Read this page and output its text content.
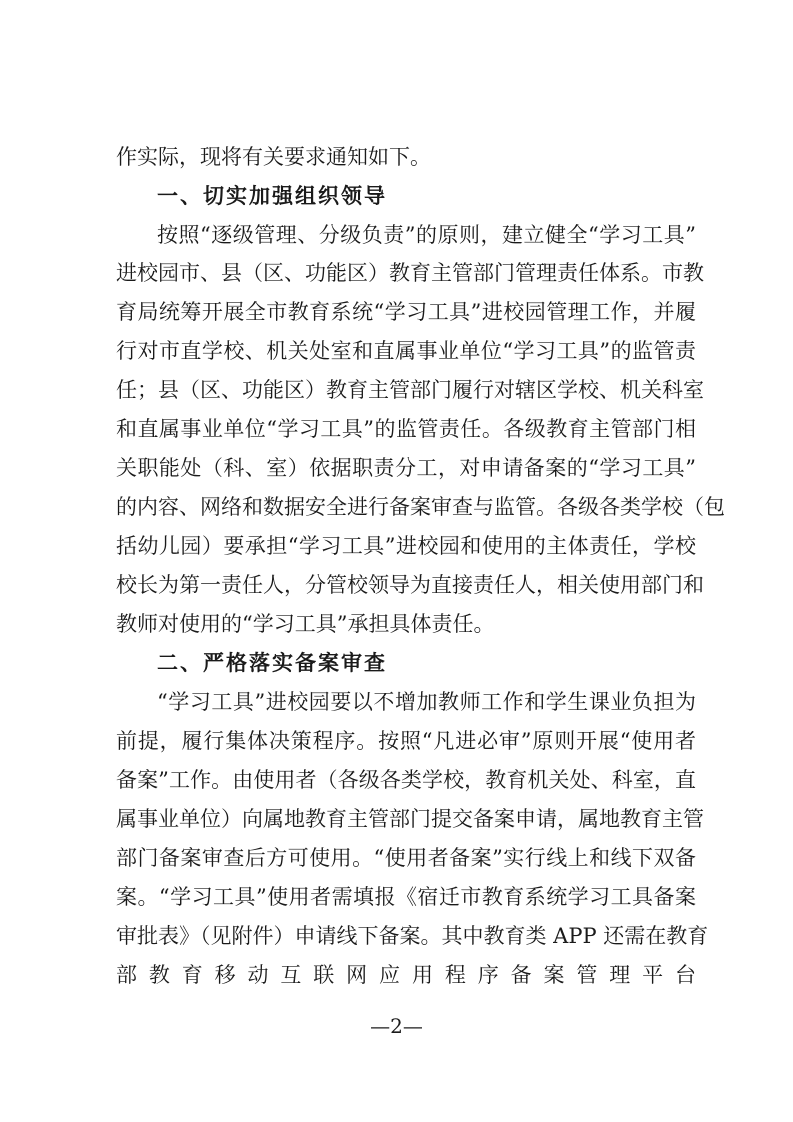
作实际，现将有关要求通知如下。
一、切实加强组织领导
按照“逐级管理、分级负责”的原则，建立健全“学习工具”
进校园市、县（区、功能区）教育主管部门管理责任体系。市教
育局统筹开展全市教育系统“学习工具”进校园管理工作，并履
行对市直学校、机关处室和直属事业单位“学习工具”的监管责
任；县（区、功能区）教育主管部门履行对辖区学校、机关科室
和直属事业单位“学习工具”的监管责任。各级教育主管部门相
关职能处（科、室）依据职责分工，对申请备案的“学习工具”
的内容、网络和数据安全进行备案审查与监管。各级各类学校（包
括幼儿园）要承担“学习工具”进校园和使用的主体责任，学校
校长为第一责任人，分管校领导为直接责任人，相关使用部门和
教师对使用的“学习工具”承担具体责任。
二、严格落实备案审查
“学习工具”进校园要以不增加教师工作和学生课业负担为
前提，履行集体决策程序。按照“凡进必审”原则开展“使用者
备案”工作。由使用者（各级各类学校，教育机关处、科室，直
属事业单位）向属地教育主管部门提交备案申请，属地教育主管
部门备案审查后方可使用。“使用者备案”实行线上和线下双备
案。“学习工具”使用者需填报《宿迁市教育系统学习工具备案
审批表》（见附件）申请线下备案。其中教育类 APP 还需在教育
部教育移动互联网应用程序备案管理平台
—2—
